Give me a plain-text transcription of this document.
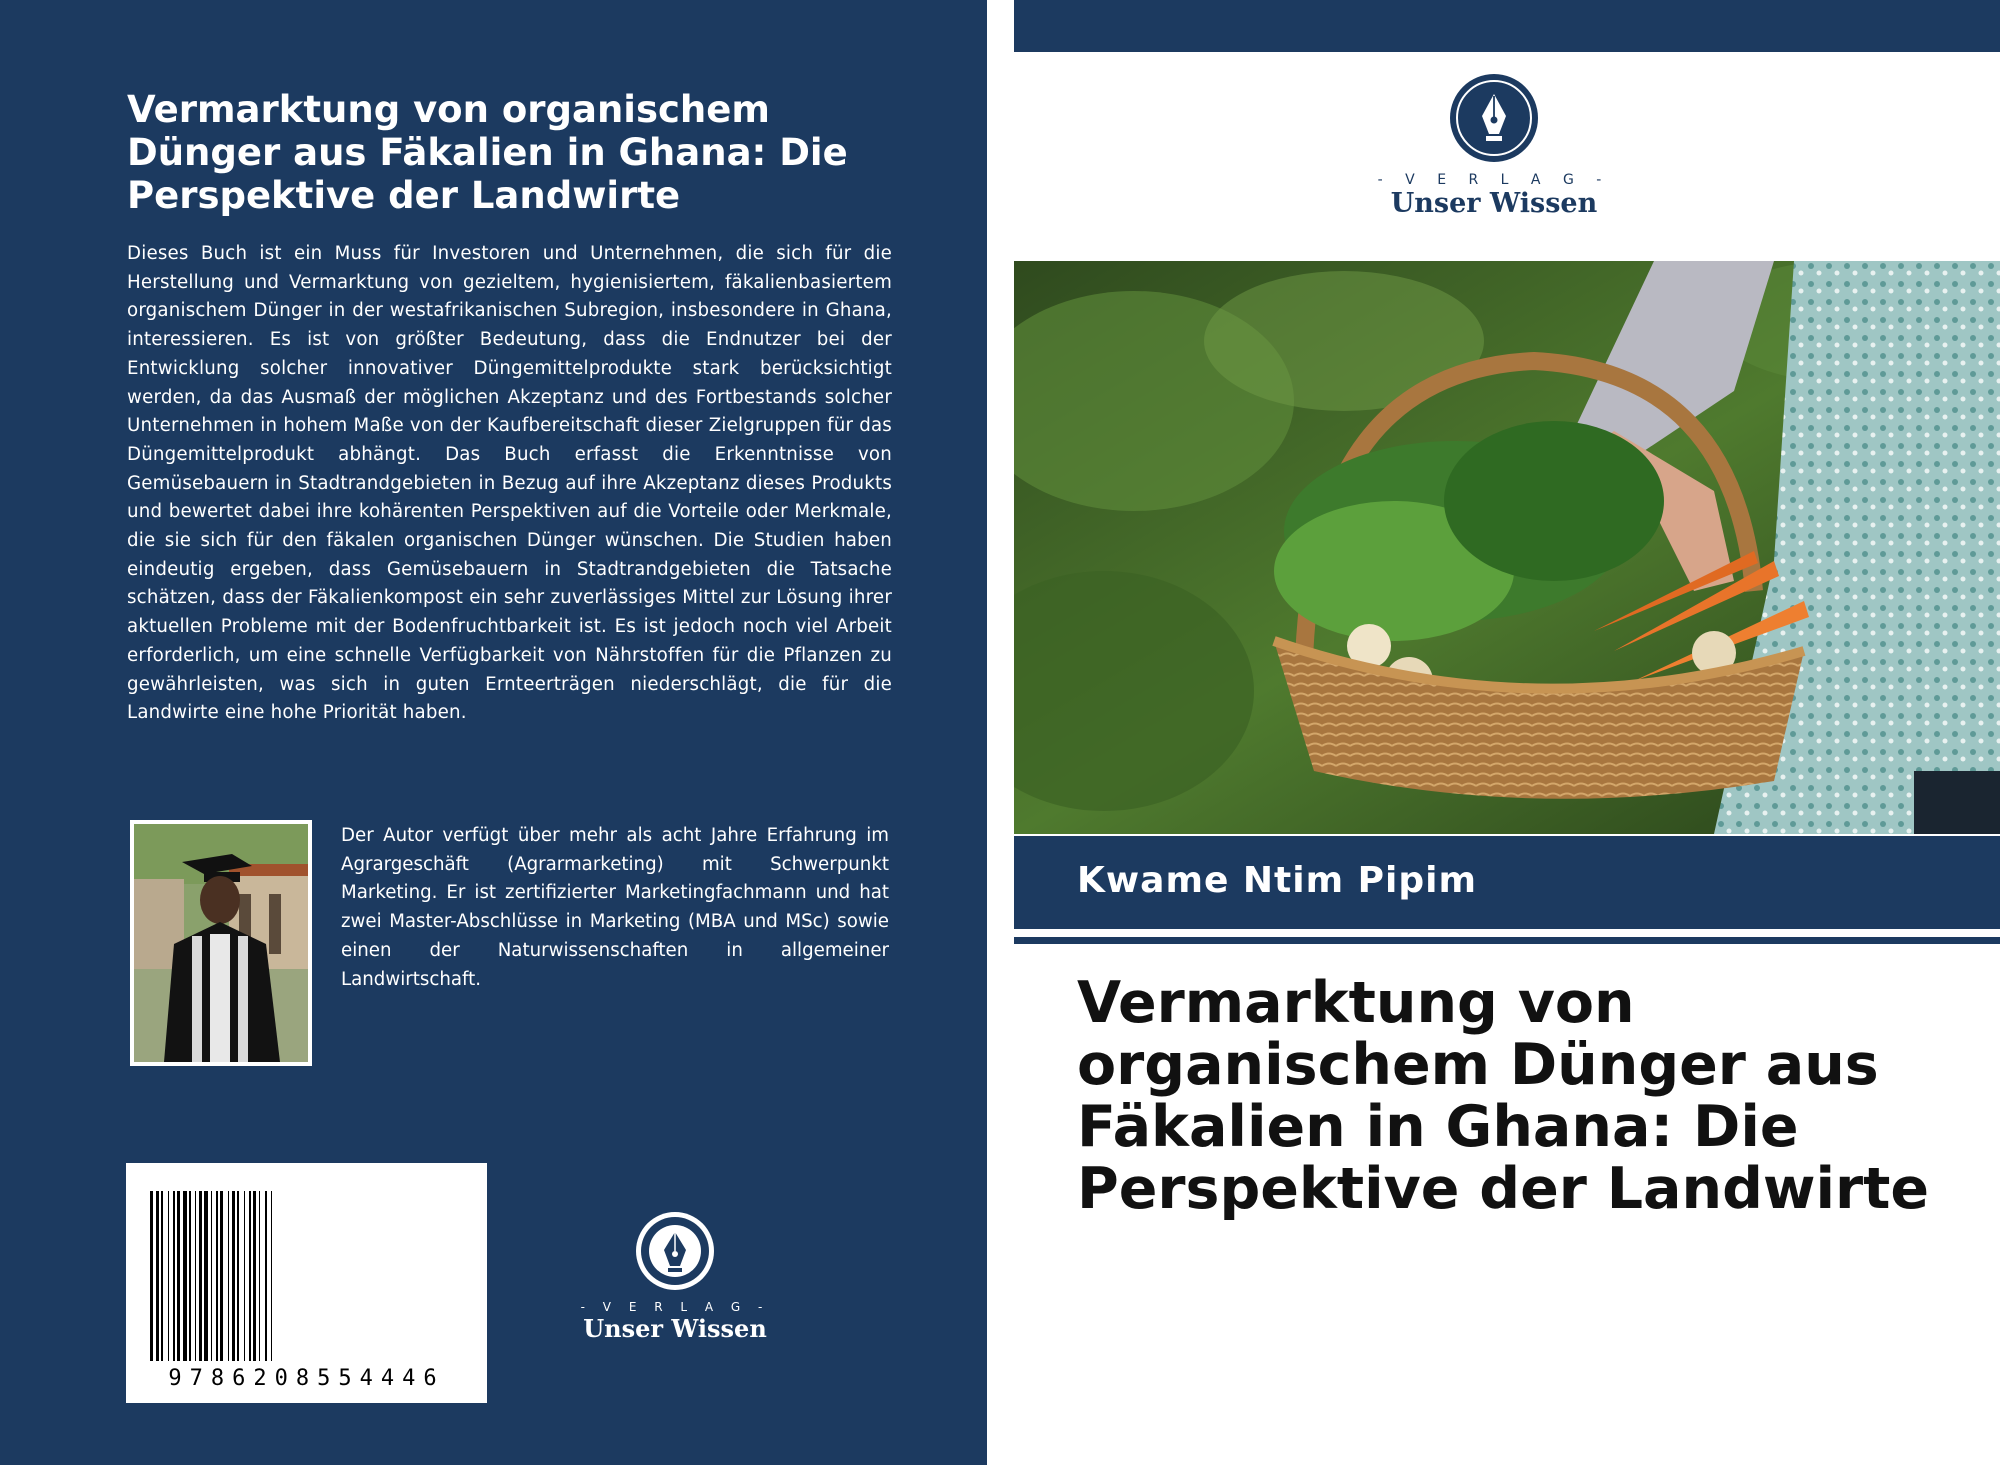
Vermarktung von organischem Dünger aus Fäkalien in Ghana: Die Perspektive der Landwirte

Dieses Buch ist ein Muss für Investoren und Unternehmen, die sich für die Herstellung und Vermarktung von gezieltem, hygienisiertem, fäkalienbasiertem organischem Dünger in der westafrikanischen Subregion, insbesondere in Ghana, interessieren. Es ist von größter Bedeutung, dass die Endnutzer bei der Entwicklung solcher innovativer Düngemittelprodukte stark berücksichtigt werden, da das Ausmaß der möglichen Akzeptanz und des Fortbestands solcher Unternehmen in hohem Maße von der Kaufbereitschaft dieser Zielgruppen für das Düngemittelprodukt abhängt. Das Buch erfasst die Erkenntnisse von Gemüsebauern in Stadtrandgebieten in Bezug auf ihre Akzeptanz dieses Produkts und bewertet dabei ihre kohärenten Perspektiven auf die Vorteile oder Merkmale, die sie sich für den fäkalen organischen Dünger wünschen. Die Studien haben eindeutig ergeben, dass Gemüsebauern in Stadtrandgebieten die Tatsache schätzen, dass der Fäkalienkompost ein sehr zuverlässiges Mittel zur Lösung ihrer aktuellen Probleme mit der Bodenfruchtbarkeit ist. Es ist jedoch noch viel Arbeit erforderlich, um eine schnelle Verfügbarkeit von Nährstoffen für die Pflanzen zu gewährleisten, was sich in guten Ernteerträgen niederschlägt, die für die Landwirte eine hohe Priorität haben.

Der Autor verfügt über mehr als acht Jahre Erfahrung im Agrargeschäft (Agrarmarketing) mit Schwerpunkt Marketing. Er ist zertifizierter Marketingfachmann und hat zwei Master-Abschlüsse in Marketing (MBA und MSc) sowie einen der Naturwissenschaften in allgemeiner Landwirtschaft.

9786208554446
- V E R L A G -
Unser Wissen
- V E R L A G -
Unser Wissen
Kwame Ntim Pipim
Vermarktung von organischem Dünger aus Fäkalien in Ghana: Die Perspektive der Landwirte
